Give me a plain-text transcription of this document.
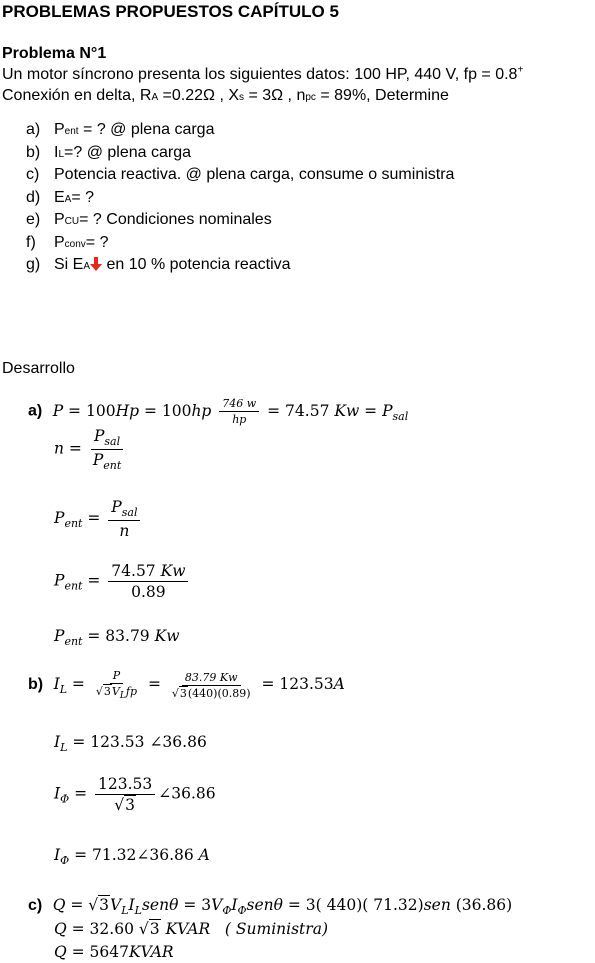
PROBLEMAS PROPUESTOS CAPÍTULO 5
Problema N°1
Un motor síncrono presenta los siguientes datos: 100 HP, 440 V, fp = 0.8+
Conexión en delta, RA =0.22Ω , Xs = 3Ω , npc = 89%, Determine
a) Pent = ? @ plena carga
b) IL=? @ plena carga
c) Potencia reactiva. @ plena carga, consume o suministra
d) EA= ?
e) PCU= ? Condiciones nominales
f) Pconv= ?
g) Si EA en 10 % potencia reactiva
Desarrollo
a) $P = 100Hp = 100hp \frac{746 w}{hp} = 74.57$ $Kw = P_{sal}$
$n = \frac{P_{sal}}{P_{ent}}$
$P_{ent} = \frac{P_{sal}}{n}$
$P_{ent} = \frac{74.57 Kw}{0.89}$
$P_{ent} = 83.79$ Kw
b) $I_L = \frac{P}{√3V_Lfp} = \frac{83.79 Kw}{√3(440)(0.89)} = 123.53A$
$I_L = 123.53$ ∠36.86
$I_\Phi = \frac{123.53}{√3}$ ∠36.86
$I_\Phi$ = 71.32∠36.86 A
c) $Q = √3V_LI_Lsen\theta = 3V_\Phi I_\Phi sen\theta = 3$( 440)( 71.32)sen (36.86)
Q = 32.60 √3 KVAR   ( Suministra)
Q = 5647KVAR
